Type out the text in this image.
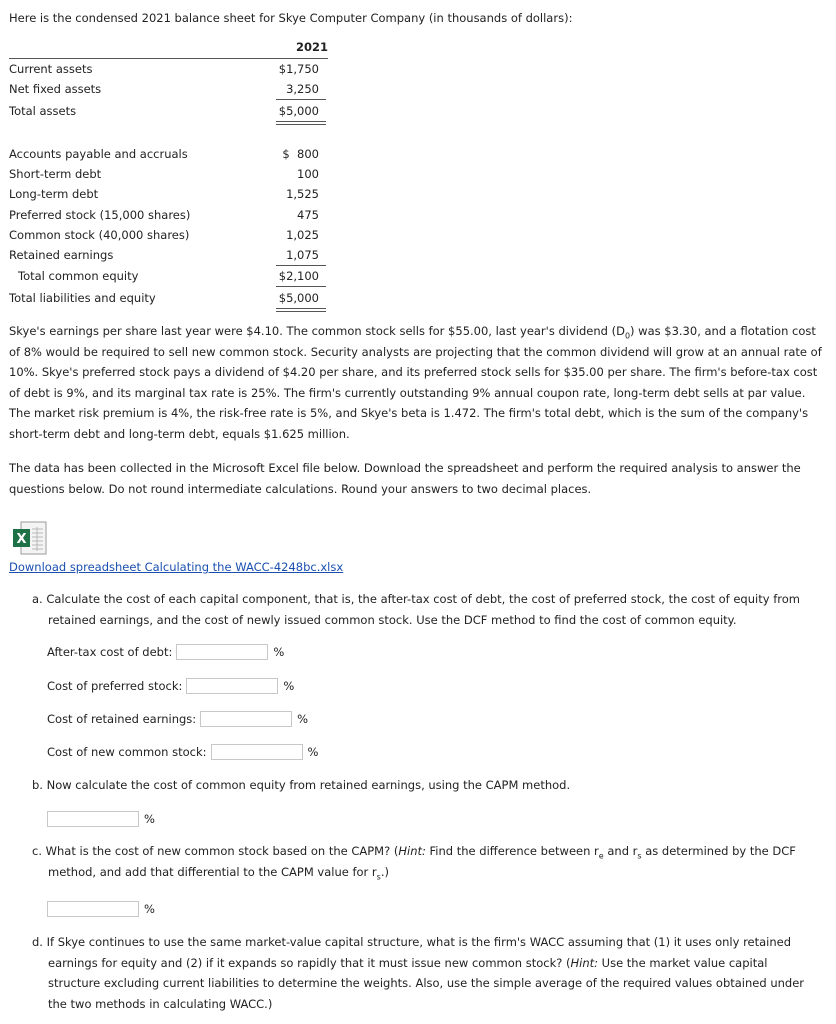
Here is the condensed 2021 balance sheet for Skye Computer Company (in thousands of dollars):
2021
Current assets	$1,750
Net fixed assets	3,250
Total assets	$5,000
Accounts payable and accruals	$  800
Short-term debt	100
Long-term debt	1,525
Preferred stock (15,000 shares)	475
Common stock (40,000 shares)	1,025
Retained earnings	1,075
Total common equity	$2,100
Total liabilities and equity	$5,000
Skye's earnings per share last year were $4.10. The common stock sells for $55.00, last year's dividend $(D_0)$ was $3.30, and a flotation cost of 8% would be required to sell new common stock. Security analysts are projecting that the common dividend will grow at an annual rate of 10%. Skye's preferred stock pays a dividend of $4.20 per share, and its preferred stock sells for $35.00 per share. The firm's before-tax cost of debt is 9%, and its marginal tax rate is 25%. The firm's currently outstanding 9% annual coupon rate, long-term debt sells at par value. The market risk premium is 4%, the risk-free rate is 5%, and Skye's beta is 1.472. The firm's total debt, which is the sum of the company's short-term debt and long-term debt, equals $1.625 million.
The data has been collected in the Microsoft Excel file below. Download the spreadsheet and perform the required analysis to answer the questions below. Do not round intermediate calculations. Round your answers to two decimal places.
X
Download spreadsheet Calculating the WACC-4248bc.xlsx
a. Calculate the cost of each capital component, that is, the after-tax cost of debt, the cost of preferred stock, the cost of equity from retained earnings, and the cost of newly issued common stock. Use the DCF method to find the cost of common equity.
After-tax cost of debt:	%
Cost of preferred stock:	%
Cost of retained earnings:	%
Cost of new common stock:	%
b. Now calculate the cost of common equity from retained earnings, using the CAPM method.
%
c. What is the cost of new common stock based on the CAPM? (Hint: Find the difference between $r_e$ and $r_s$ as determined by the DCF method, and add that differential to the CAPM value for $r_s$.)
%
d. If Skye continues to use the same market-value capital structure, what is the firm's WACC assuming that (1) it uses only retained earnings for equity and (2) if it expands so rapidly that it must issue new common stock? (Hint: Use the market value capital structure excluding current liabilities to determine the weights. Also, use the simple average of the required values obtained under the two methods in calculating WACC.)
